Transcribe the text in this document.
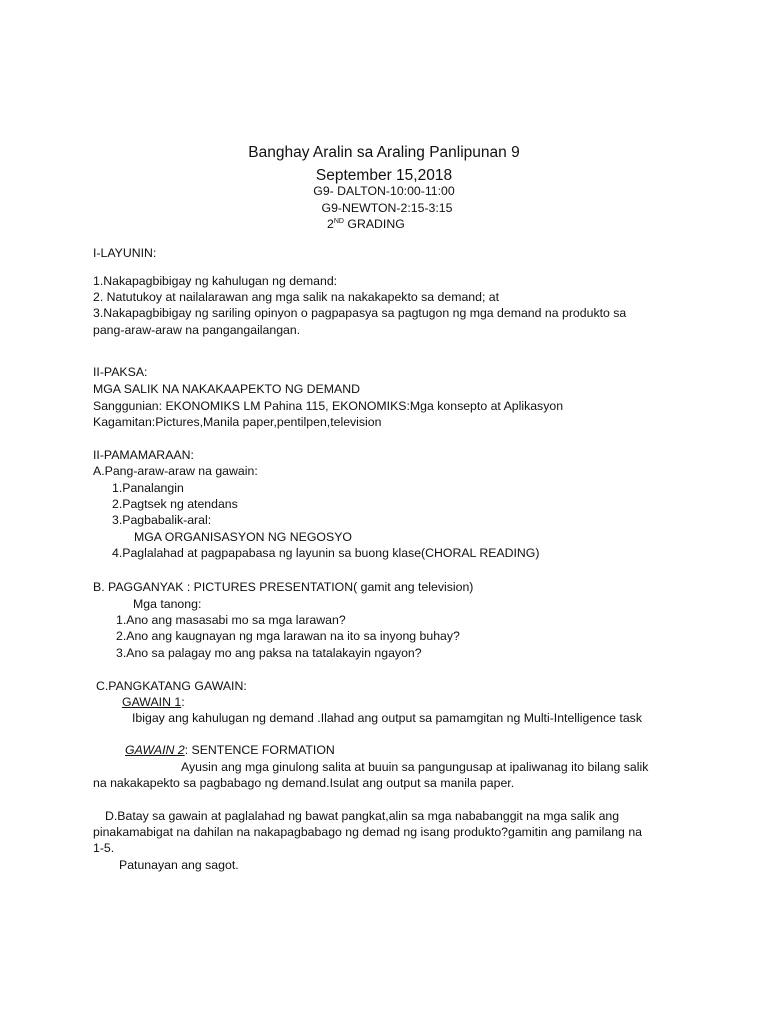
Banghay Aralin sa Araling Panlipunan 9

September 15,2018

G9- DALTON-10:00-11:00

G9-NEWTON-2:15-3:15

2ND GRADING

I-LAYUNIN:

1.Nakapagbibigay ng kahulugan ng demand:

2. Natutukoy at nailalarawan ang mga salik na nakakapekto sa demand; at

3.Nakapagbibigay ng sariling opinyon o pagpapasya sa pagtugon ng mga demand na produkto sa

pang-araw-araw na pangangailangan.

II-PAKSA:

MGA SALIK NA NAKAKAAPEKTO NG DEMAND

Sanggunian: EKONOMIKS LM Pahina 115, EKONOMIKS:Mga konsepto at Aplikasyon

Kagamitan:Pictures,Manila paper,pentilpen,television

II-PAMAMARAAN:

A.Pang-araw-araw na gawain:

1.Panalangin

2.Pagtsek ng atendans

3.Pagbabalik-aral:

MGA ORGANISASYON NG NEGOSYO

4.Paglalahad at pagpapabasa ng layunin sa buong klase(CHORAL READING)

B. PAGGANYAK : PICTURES PRESENTATION( gamit ang television)

Mga tanong:

1.Ano ang masasabi mo sa mga larawan?

2.Ano ang kaugnayan ng mga larawan na ito sa inyong buhay?

3.Ano sa palagay mo ang paksa na tatalakayin ngayon?

C.PANGKATANG GAWAIN:

GAWAIN 1:

Ibigay ang kahulugan ng demand .Ilahad ang output sa pamamgitan ng Multi-Intelligence task

GAWAIN 2: SENTENCE FORMATION

Ayusin ang mga ginulong salita at buuin sa pangungusap at ipaliwanag ito bilang salik

na nakakapekto sa pagbabago ng demand.Isulat ang output sa manila paper.

D.Batay sa gawain at paglalahad ng bawat pangkat,alin sa mga nababanggit na mga salik ang

pinakamabigat na dahilan na nakapagbabago ng demad ng isang produkto?gamitin ang pamilang na

1-5.

Patunayan ang sagot.
